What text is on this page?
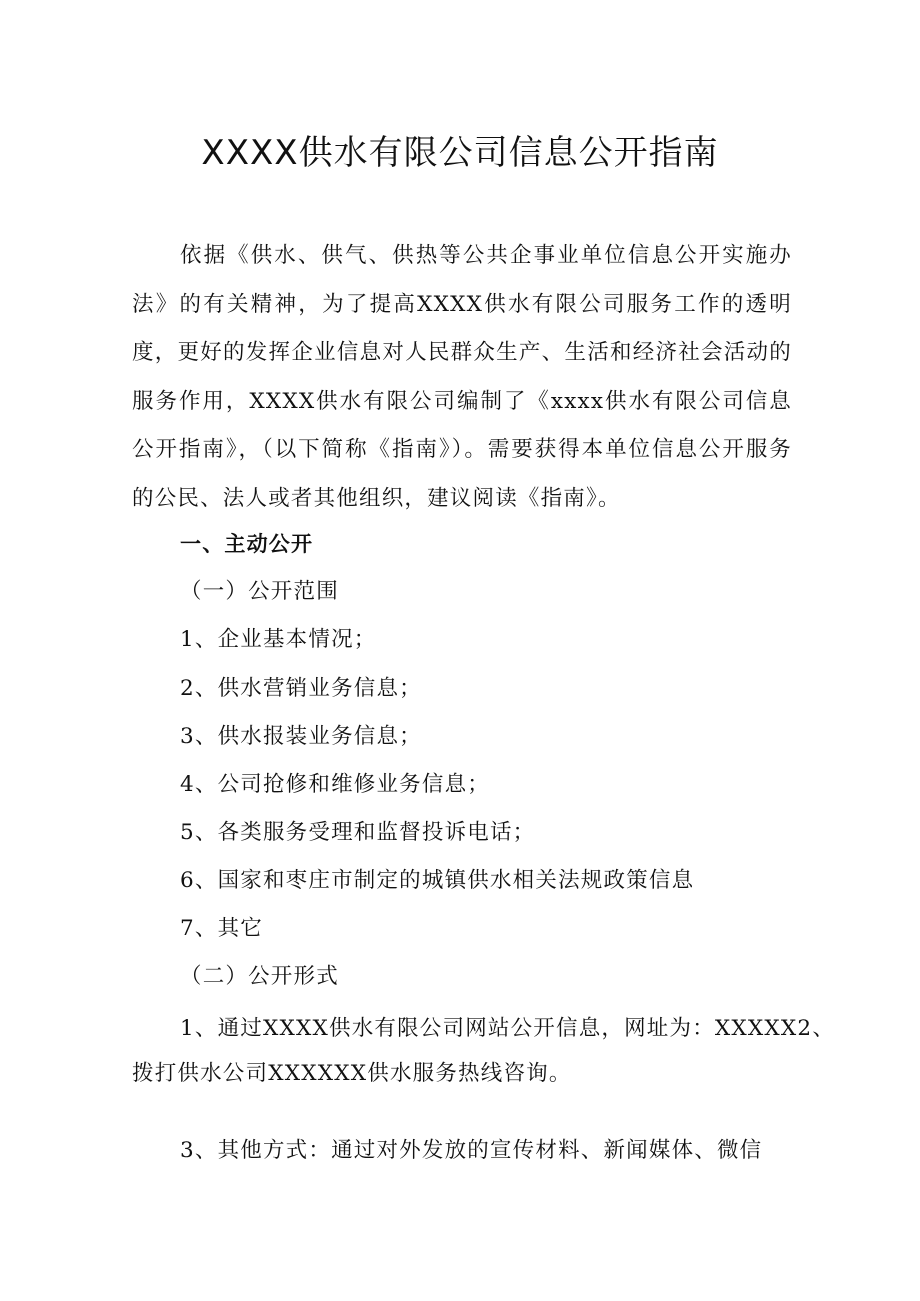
XXXX供水有限公司信息公开指南
依据《供水、供气、供热等公共企事业单位信息公开实施办法》的有关精神，为了提高XXXX供水有限公司服务工作的透明度，更好的发挥企业信息对人民群众生产、生活和经济社会活动的服务作用，XXXX供水有限公司编制了《xxxx供水有限公司信息公开指南》，（以下简称《指南》）。需要获得本单位信息公开服务的公民、法人或者其他组织，建议阅读《指南》。
一、主动公开
（一）公开范围
1、企业基本情况；
2、供水营销业务信息；
3、供水报装业务信息；
4、公司抢修和维修业务信息；
5、各类服务受理和监督投诉电话；
6、国家和枣庄市制定的城镇供水相关法规政策信息
7、其它
（二）公开形式
1、通过XXXX供水有限公司网站公开信息，网址为：XXXXX2、
拨打供水公司XXXXXX供水服务热线咨询。
3、其他方式：通过对外发放的宣传材料、新闻媒体、微信
